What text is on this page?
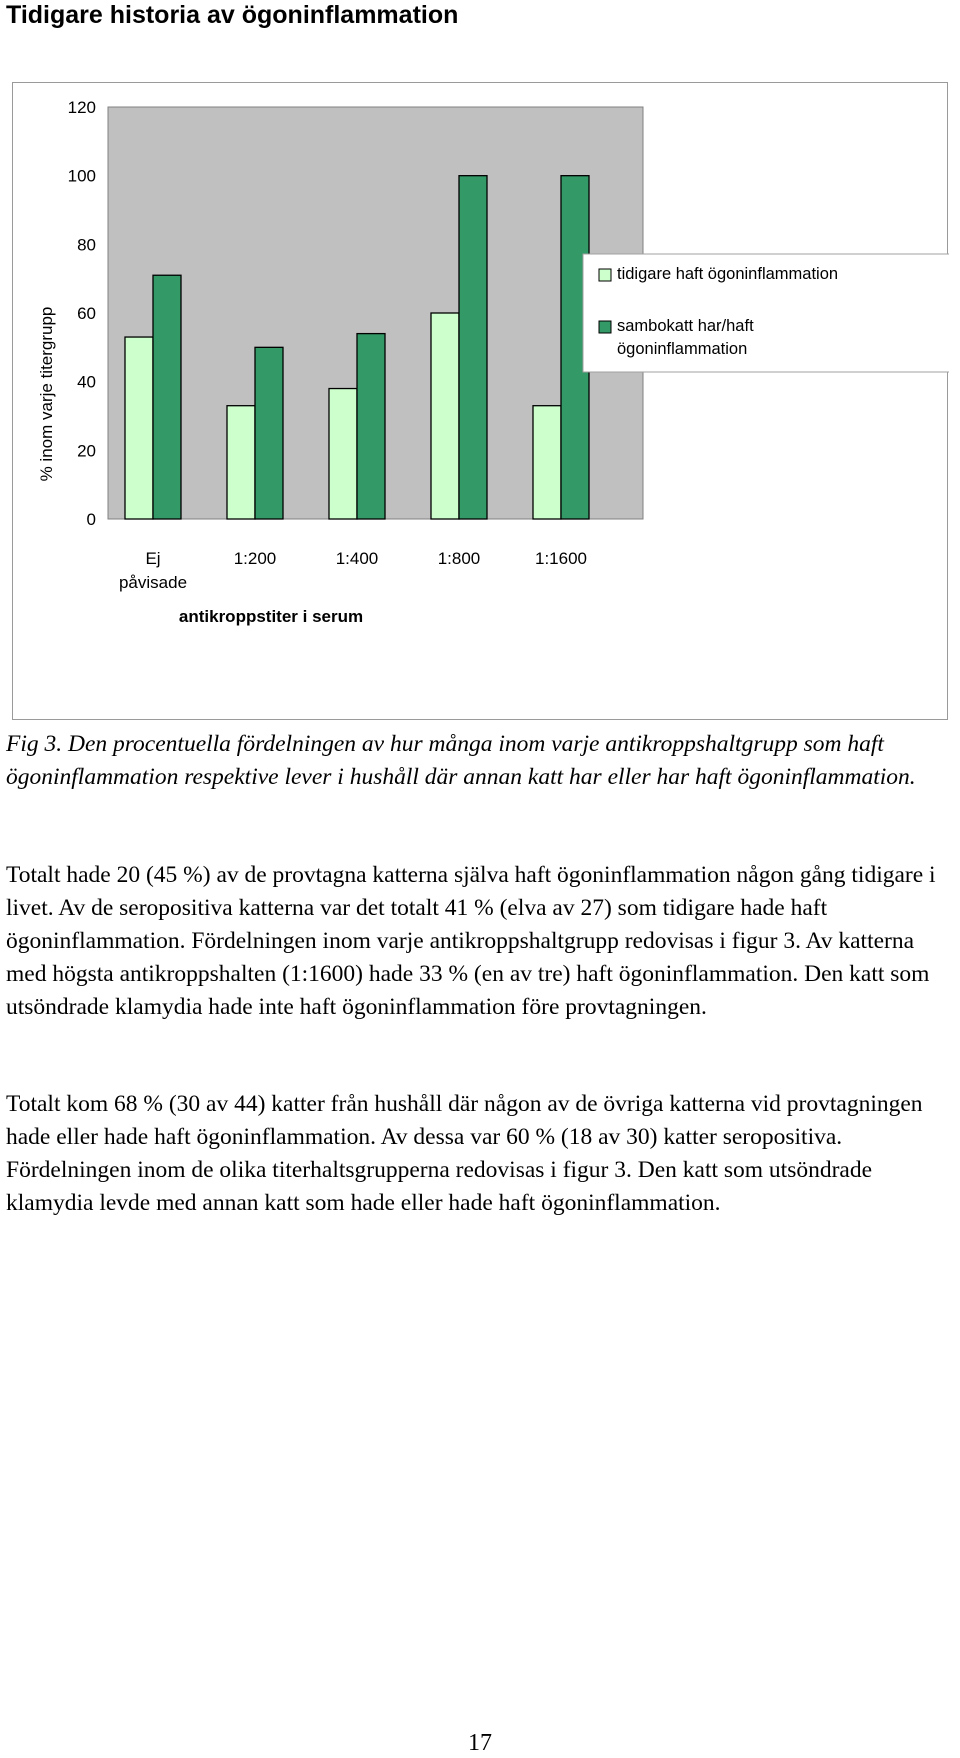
Tidigare historia av ögoninflammation
0
20
40
60
80
100
120
% inom varje titergrupp
Ej påvisade
1:200	1:400	1:800	1:1600
antikroppstiter i serum
tidigare haft ögoninflammation
sambokatt har/haft ögoninflammation

Fig 3. Den procentuella fördelningen av hur många inom varje antikroppshaltgrupp som haft ögoninflammation respektive lever i hushåll där annan katt har eller har haft ögoninflammation.

Totalt hade 20 (45 %) av de provtagna katterna själva haft ögoninflammation någon gång tidigare i livet. Av de seropositiva katterna var det totalt 41 % (elva av 27) som tidigare hade haft ögoninflammation. Fördelningen inom varje antikroppshaltgrupp redovisas i figur 3. Av katterna med högsta antikroppshalten (1:1600) hade 33 % (en av tre) haft ögoninflammation. Den katt som utsöndrade klamydia hade inte haft ögoninflammation före provtagningen.

Totalt kom 68 % (30 av 44) katter från hushåll där någon av de övriga katterna vid provtagningen hade eller hade haft ögoninflammation. Av dessa var 60 % (18 av 30) katter seropositiva. Fördelningen inom de olika titerhaltsgrupperna redovisas i figur 3. Den katt som utsöndrade klamydia levde med annan katt som hade eller hade haft ögoninflammation.

17
